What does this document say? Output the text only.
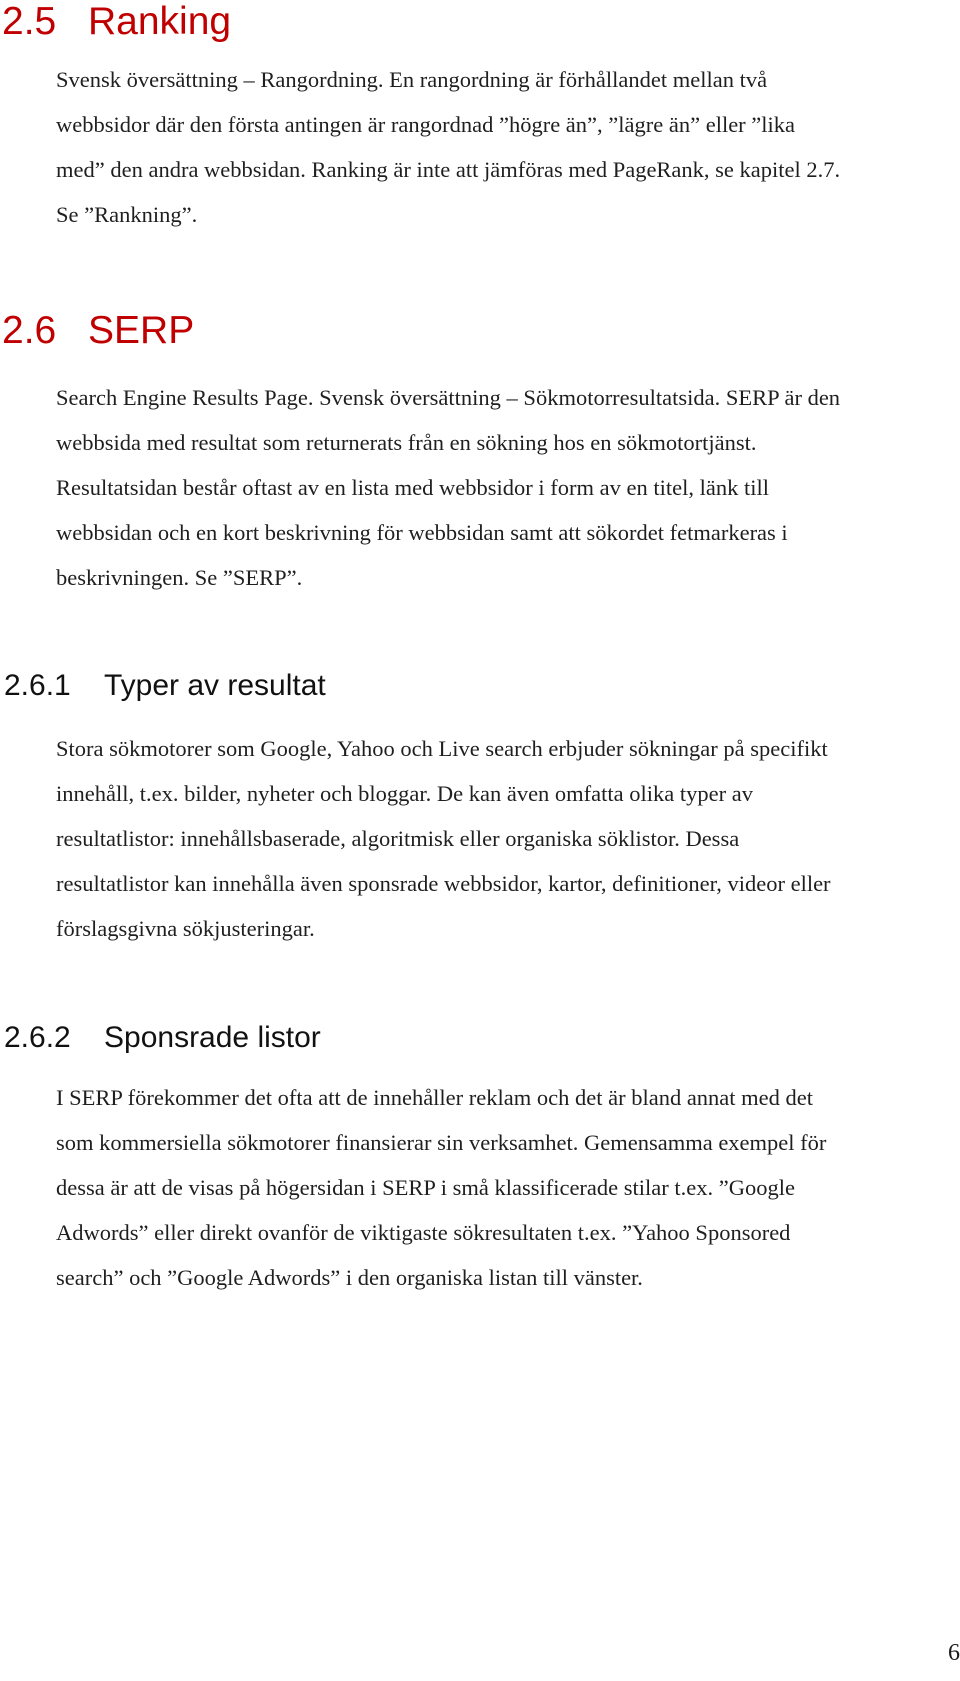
2.5 Ranking

Svensk översättning – Rangordning. En rangordning är förhållandet mellan två
webbsidor där den första antingen är rangordnad ”högre än”, ”lägre än” eller ”lika
med” den andra webbsidan. Ranking är inte att jämföras med PageRank, se kapitel 2.7.
Se ”Rankning”.

2.6 SERP

Search Engine Results Page. Svensk översättning – Sökmotorresultatsida. SERP är den
webbsida med resultat som returnerats från en sökning hos en sökmotortjänst.
Resultatsidan består oftast av en lista med webbsidor i form av en titel, länk till
webbsidan och en kort beskrivning för webbsidan samt att sökordet fetmarkeras i
beskrivningen. Se ”SERP”.

2.6.1 Typer av resultat

Stora sökmotorer som Google, Yahoo och Live search erbjuder sökningar på specifikt
innehåll, t.ex. bilder, nyheter och bloggar. De kan även omfatta olika typer av
resultatlistor: innehållsbaserade, algoritmisk eller organiska söklistor. Dessa
resultatlistor kan innehålla även sponsrade webbsidor, kartor, definitioner, videor eller
förslagsgivna sökjusteringar.

2.6.2 Sponsrade listor

I SERP förekommer det ofta att de innehåller reklam och det är bland annat med det
som kommersiella sökmotorer finansierar sin verksamhet. Gemensamma exempel för
dessa är att de visas på högersidan i SERP i små klassificerade stilar t.ex. ”Google
Adwords” eller direkt ovanför de viktigaste sökresultaten t.ex. ”Yahoo Sponsored
search” och ”Google Adwords” i den organiska listan till vänster.

6
